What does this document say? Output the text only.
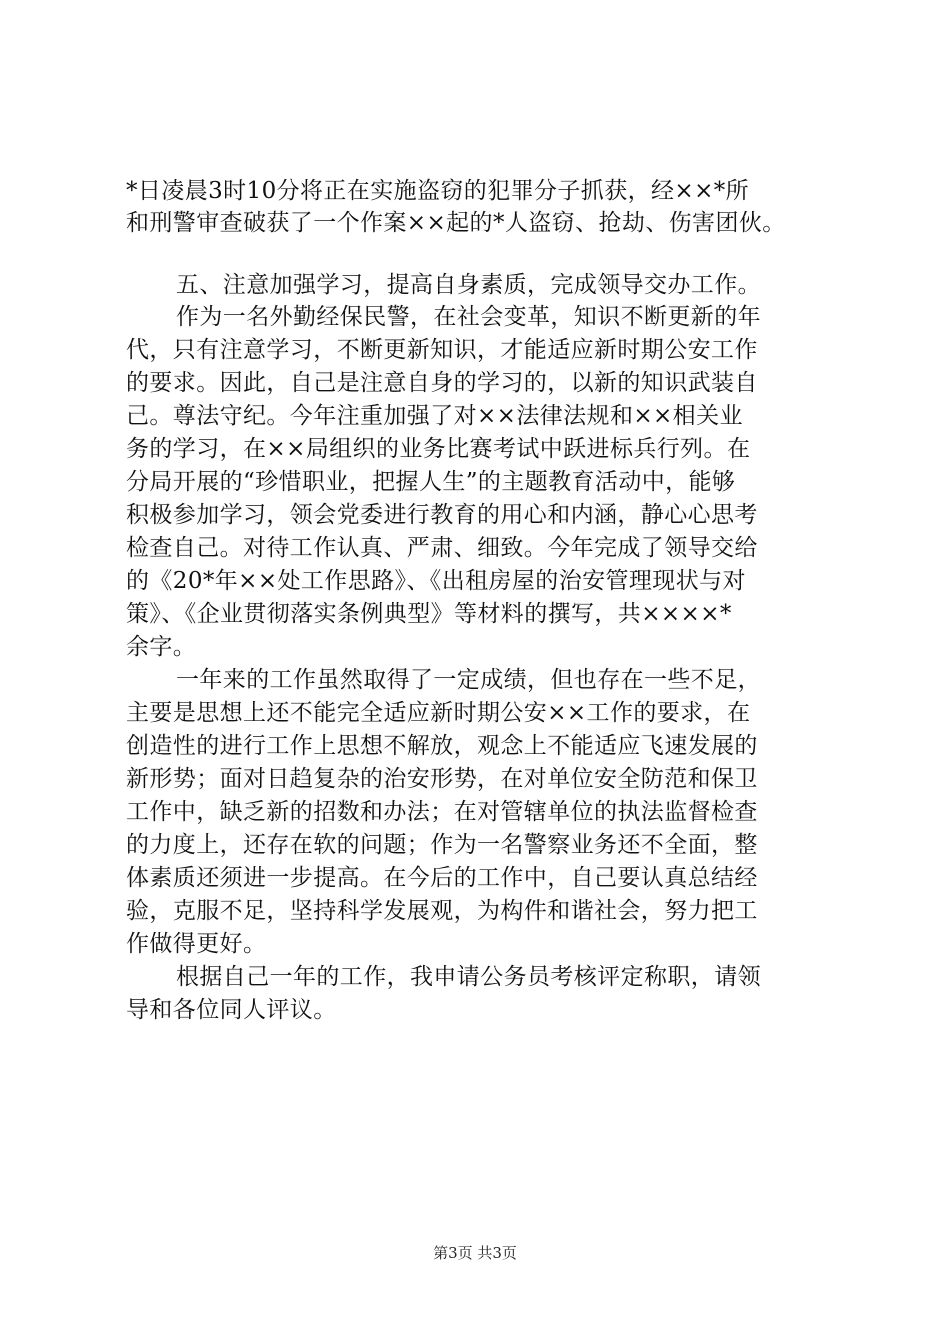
*日凌晨3时10分将正在实施盗窃的犯罪分子抓获，经××*所
和刑警审查破获了一个作案××起的*人盗窃、抢劫、伤害团伙。
五、注意加强学习，提高自身素质，完成领导交办工作。
作为一名外勤经保民警，在社会变革，知识不断更新的年
代，只有注意学习，不断更新知识，才能适应新时期公安工作
的要求。因此，自己是注意自身的学习的，以新的知识武装自
己。尊法守纪。今年注重加强了对××法律法规和××相关业
务的学习，在××局组织的业务比赛考试中跃进标兵行列。在
分局开展的“珍惜职业，把握人生”的主题教育活动中，能够
积极参加学习，领会党委进行教育的用心和内涵，静心心思考
检查自己。对待工作认真、严肃、细致。今年完成了领导交给
的《20*年××处工作思路》、《出租房屋的治安管理现状与对
策》、《企业贯彻落实条例典型》等材料的撰写，共××××*
余字。
一年来的工作虽然取得了一定成绩，但也存在一些不足，
主要是思想上还不能完全适应新时期公安××工作的要求，在
创造性的进行工作上思想不解放，观念上不能适应飞速发展的
新形势；面对日趋复杂的治安形势，在对单位安全防范和保卫
工作中，缺乏新的招数和办法；在对管辖单位的执法监督检查
的力度上，还存在软的问题；作为一名警察业务还不全面，整
体素质还须进一步提高。在今后的工作中，自己要认真总结经
验，克服不足，坚持科学发展观，为构件和谐社会，努力把工
作做得更好。
根据自己一年的工作，我申请公务员考核评定称职，请领
导和各位同人评议。
第3页 共3页
